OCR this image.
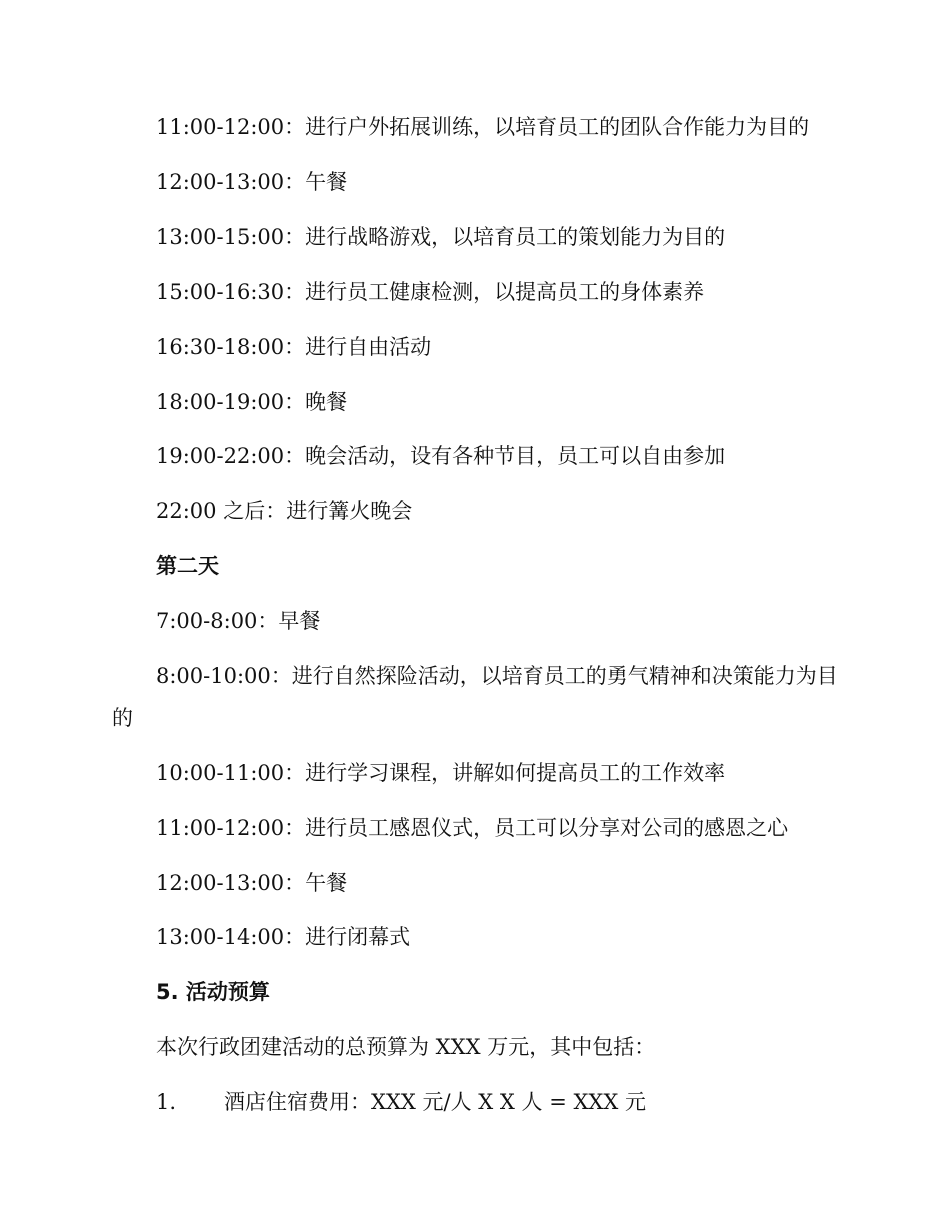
11:00-12:00：进行户外拓展训练，以培育员工的团队合作能力为目的
12:00-13:00：午餐
13:00-15:00：进行战略游戏，以培育员工的策划能力为目的
15:00-16:30：进行员工健康检测，以提高员工的身体素养
16:30-18:00：进行自由活动
18:00-19:00：晚餐
19:00-22:00：晚会活动，设有各种节目，员工可以自由参加
22:00 之后：进行篝火晚会
第二天
7:00-8:00：早餐
8:00-10:00：进行自然探险活动，以培育员工的勇气精神和决策能力为目
的
10:00-11:00：进行学习课程，讲解如何提高员工的工作效率
11:00-12:00：进行员工感恩仪式，员工可以分享对公司的感恩之心
12:00-13:00：午餐
13:00-14:00：进行闭幕式
5. 活动预算
本次行政团建活动的总预算为 XXX 万元，其中包括：
1. 酒店住宿费用：XXX 元/人 X X 人 = XXX 元
